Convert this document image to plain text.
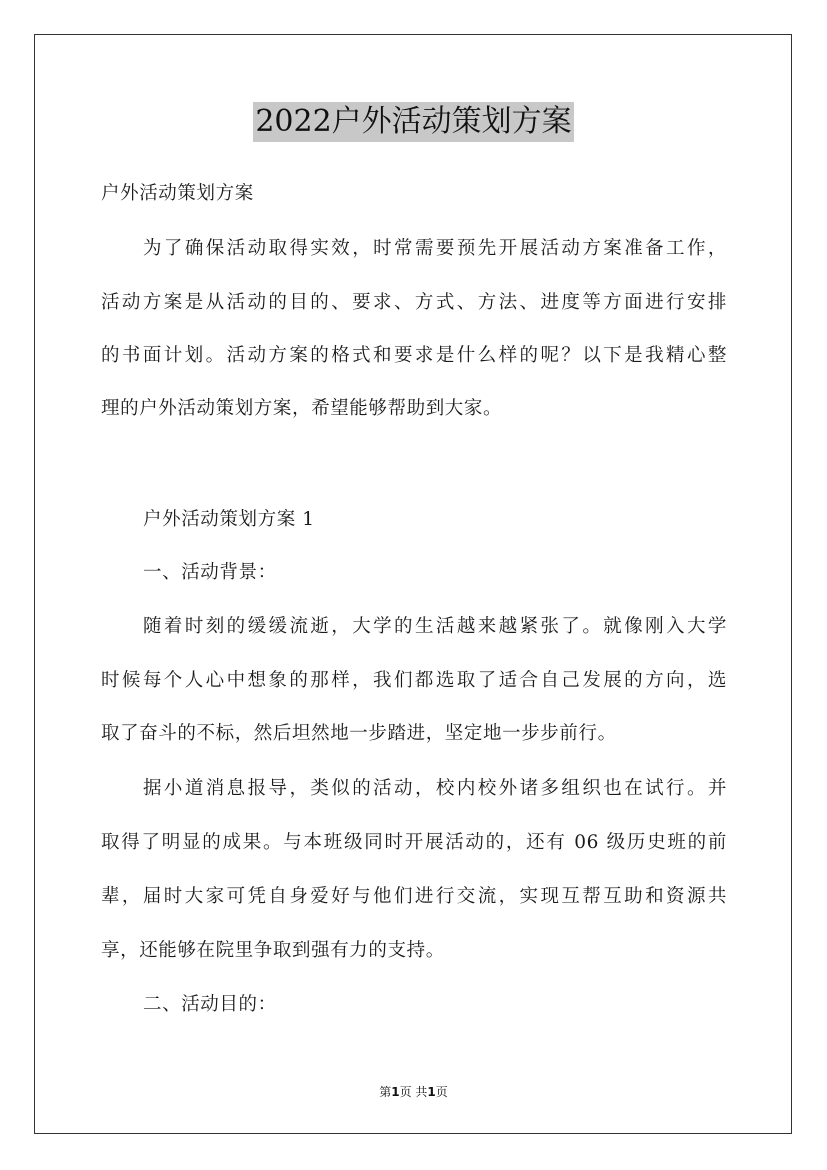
2022户外活动策划方案
户外活动策划方案
为了确保活动取得实效，时常需要预先开展活动方案准备工作，
活动方案是从活动的目的、要求、方式、方法、进度等方面进行安排
的书面计划。活动方案的格式和要求是什么样的呢？以下是我精心整
理的户外活动策划方案，希望能够帮助到大家。
户外活动策划方案 1
一、活动背景：
随着时刻的缓缓流逝，大学的生活越来越紧张了。就像刚入大学
时候每个人心中想象的那样，我们都选取了适合自己发展的方向，选
取了奋斗的不标，然后坦然地一步踏进，坚定地一步步前行。
据小道消息报导，类似的活动，校内校外诸多组织也在试行。并
取得了明显的成果。与本班级同时开展活动的，还有 06 级历史班的前
辈，届时大家可凭自身爱好与他们进行交流，实现互帮互助和资源共
享，还能够在院里争取到强有力的支持。
二、活动目的：
第1页 共1页
